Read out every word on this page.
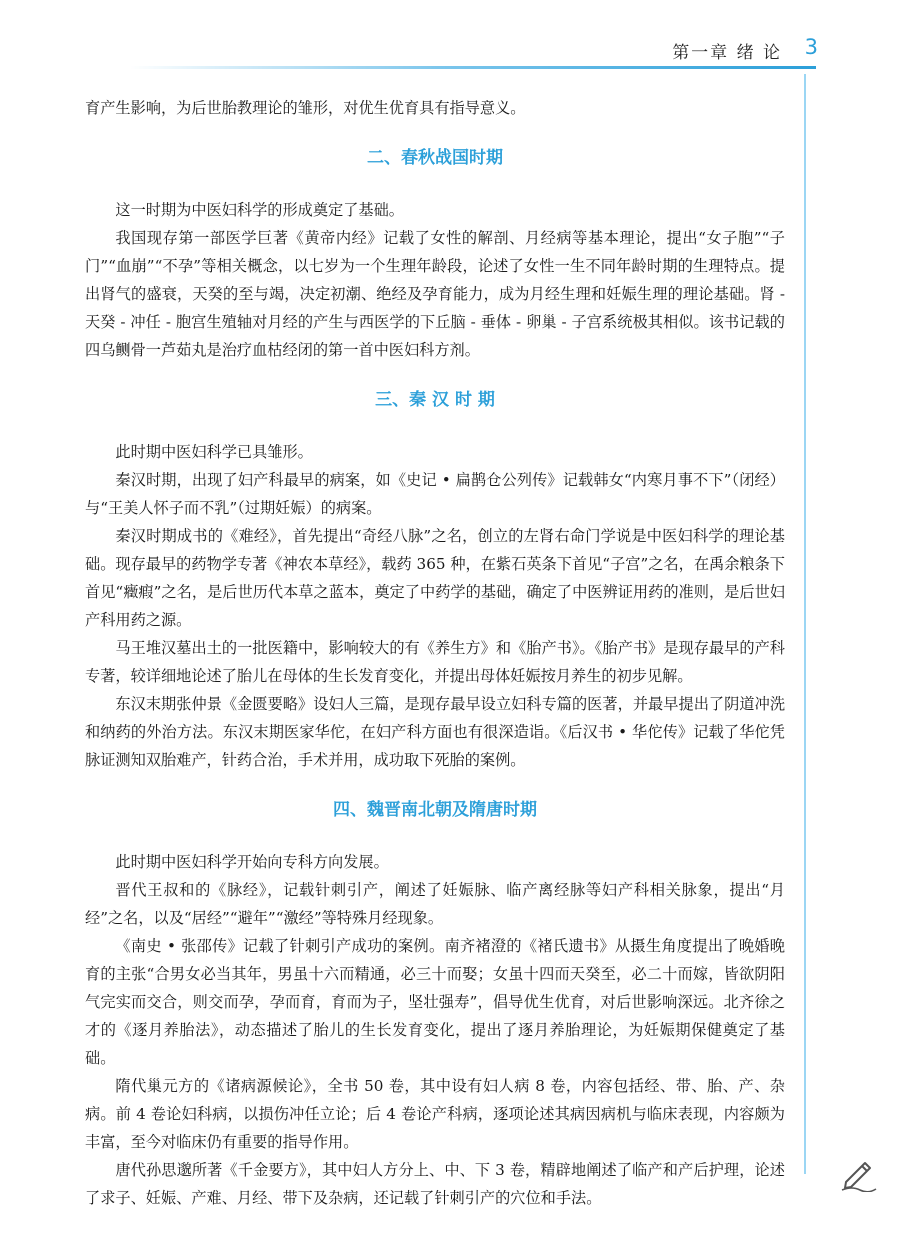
第一章 绪 论 3

育产生影响，为后世胎教理论的雏形，对优生优育具有指导意义。

二、春秋战国时期

这一时期为中医妇科学的形成奠定了基础。

我国现存第一部医学巨著《黄帝内经》记载了女性的解剖、月经病等基本理论，提出“女子胞”“子门”“血崩”“不孕”等相关概念，以七岁为一个生理年龄段，论述了女性一生不同年龄时期的生理特点。提出肾气的盛衰，天癸的至与竭，决定初潮、绝经及孕育能力，成为月经生理和妊娠生理的理论基础。肾 - 天癸 - 冲任 - 胞宫生殖轴对月经的产生与西医学的下丘脑 - 垂体 - 卵巢 - 子宫系统极其相似。该书记载的四乌鲗骨一芦茹丸是治疗血枯经闭的第一首中医妇科方剂。

三、秦 汉 时 期

此时期中医妇科学已具雏形。

秦汉时期，出现了妇产科最早的病案，如《史记 • 扁鹊仓公列传》记载韩女“内寒月事不下”（闭经）与“王美人怀子而不乳”（过期妊娠）的病案。

秦汉时期成书的《难经》，首先提出“奇经八脉”之名，创立的左肾右命门学说是中医妇科学的理论基础。现存最早的药物学专著《神农本草经》，载药 365 种，在紫石英条下首见“子宫”之名，在禹余粮条下首见“癥瘕”之名，是后世历代本草之蓝本，奠定了中药学的基础，确定了中医辨证用药的准则，是后世妇产科用药之源。

马王堆汉墓出土的一批医籍中，影响较大的有《养生方》和《胎产书》。《胎产书》是现存最早的产科专著，较详细地论述了胎儿在母体的生长发育变化，并提出母体妊娠按月养生的初步见解。

东汉末期张仲景《金匮要略》设妇人三篇，是现存最早设立妇科专篇的医著，并最早提出了阴道冲洗和纳药的外治方法。东汉末期医家华佗，在妇产科方面也有很深造诣。《后汉书 • 华佗传》记载了华佗凭脉证测知双胎难产，针药合治，手术并用，成功取下死胎的案例。

四、魏晋南北朝及隋唐时期

此时期中医妇科学开始向专科方向发展。

晋代王叔和的《脉经》，记载针刺引产，阐述了妊娠脉、临产离经脉等妇产科相关脉象，提出“月经”之名，以及“居经”“避年”“激经”等特殊月经现象。

《南史 • 张邵传》记载了针刺引产成功的案例。南齐褚澄的《褚氏遗书》从摄生角度提出了晚婚晚育的主张“合男女必当其年，男虽十六而精通，必三十而娶；女虽十四而天癸至，必二十而嫁，皆欲阴阳气完实而交合，则交而孕，孕而育，育而为子，坚壮强寿”，倡导优生优育，对后世影响深远。北齐徐之才的《逐月养胎法》，动态描述了胎儿的生长发育变化，提出了逐月养胎理论，为妊娠期保健奠定了基础。

隋代巢元方的《诸病源候论》，全书 50 卷，其中设有妇人病 8 卷，内容包括经、带、胎、产、杂病。前 4 卷论妇科病，以损伤冲任立论；后 4 卷论产科病，逐项论述其病因病机与临床表现，内容颇为丰富，至今对临床仍有重要的指导作用。

唐代孙思邈所著《千金要方》，其中妇人方分上、中、下 3 卷，精辟地阐述了临产和产后护理，论述了求子、妊娠、产难、月经、带下及杂病，还记载了针刺引产的穴位和手法。
